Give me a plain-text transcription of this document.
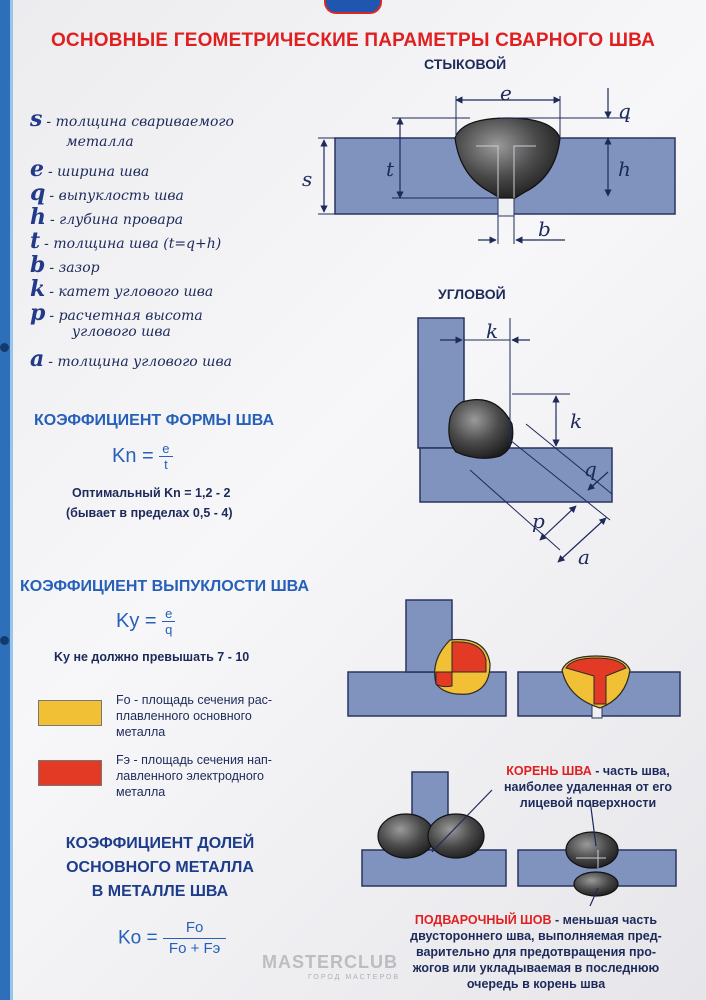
ОСНОВНЫЕ ГЕОМЕТРИЧЕСКИЕ ПАРАМЕТРЫ СВАРНОГО ШВА
s - толщина свариваемого
металла
e - ширина шва
q - выпуклость шва
h - глубина провара
t - толщина шва (t=q+h)
b - зазор
k - катет углового шва
p - расчетная высота
углового шва
a - толщина углового шва
КОЭФФИЦИЕНТ ФОРМЫ ШВА
$Kn = \frac{e}{t}$
Оптимальный Kn = 1,2 - 2
(бывает в пределах 0,5 - 4)
КОЭФФИЦИЕНТ ВЫПУКЛОСТИ ШВА
$Ky = \frac{e}{q}$
Ky не должно превышать 7 - 10
Fo - площадь сечения рас-
плавленного основного
металла
Fэ - площадь сечения нап-
лавленного электродного
металла
КОЭФФИЦИЕНТ ДОЛЕЙ
ОСНОВНОГО МЕТАЛЛА
В МЕТАЛЛЕ ШВА
$Ko = \frac{Fo}{Fo + Fэ}$
СТЫКОВОЙ
УГЛОВОЙ
e
q
t	h
s
b
k
k
q
p
a
КОРЕНЬ ШВА - часть шва,
наиболее удаленная от его
лицевой поверхности
ПОДВАРОЧНЫЙ ШОВ - меньшая часть
двустороннего шва, выполняемая пред-
варительно для предотвращения про-
жогов или укладываемая в последнюю
очередь в корень шва
MASTERCLUB
ГОРОД МАСТЕРОВ
